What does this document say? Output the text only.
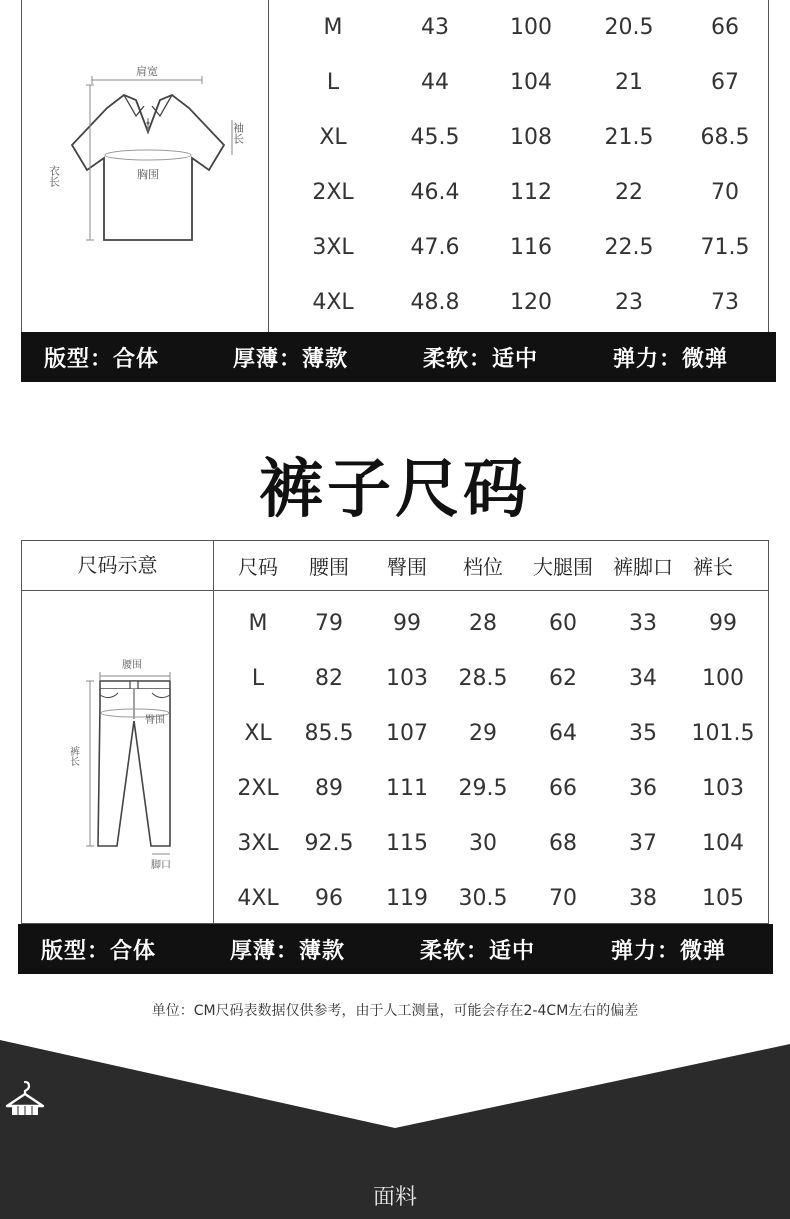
肩宽
胸围
衣长
袖长
M	43	100	20.5	66
L	44	104	21	67
XL	45.5	108	21.5	68.5
2XL	46.4	112	22	70
3XL	47.6	116	22.5	71.5
4XL	48.8	120	23	73
版型：合体	厚薄：薄款	柔软：适中	弹力：微弹
裤子尺码
尺码示意	尺码	腰围	臀围	档位	大腿围	裤脚口	裤长
M	79	99	28	60	33	99
L	82	103	28.5	62	34	100
XL	85.5	107	29	64	35	101.5
2XL	89	111	29.5	66	36	103
3XL	92.5	115	30	68	37	104
4XL	96	119	30.5	70	38	105
腰围
臀围
裤长
脚口
版型：合体	厚薄：薄款	柔软：适中	弹力：微弹
单位：CM尺码表数据仅供参考，由于人工测量，可能会存在2-4CM左右的偏差
面料
